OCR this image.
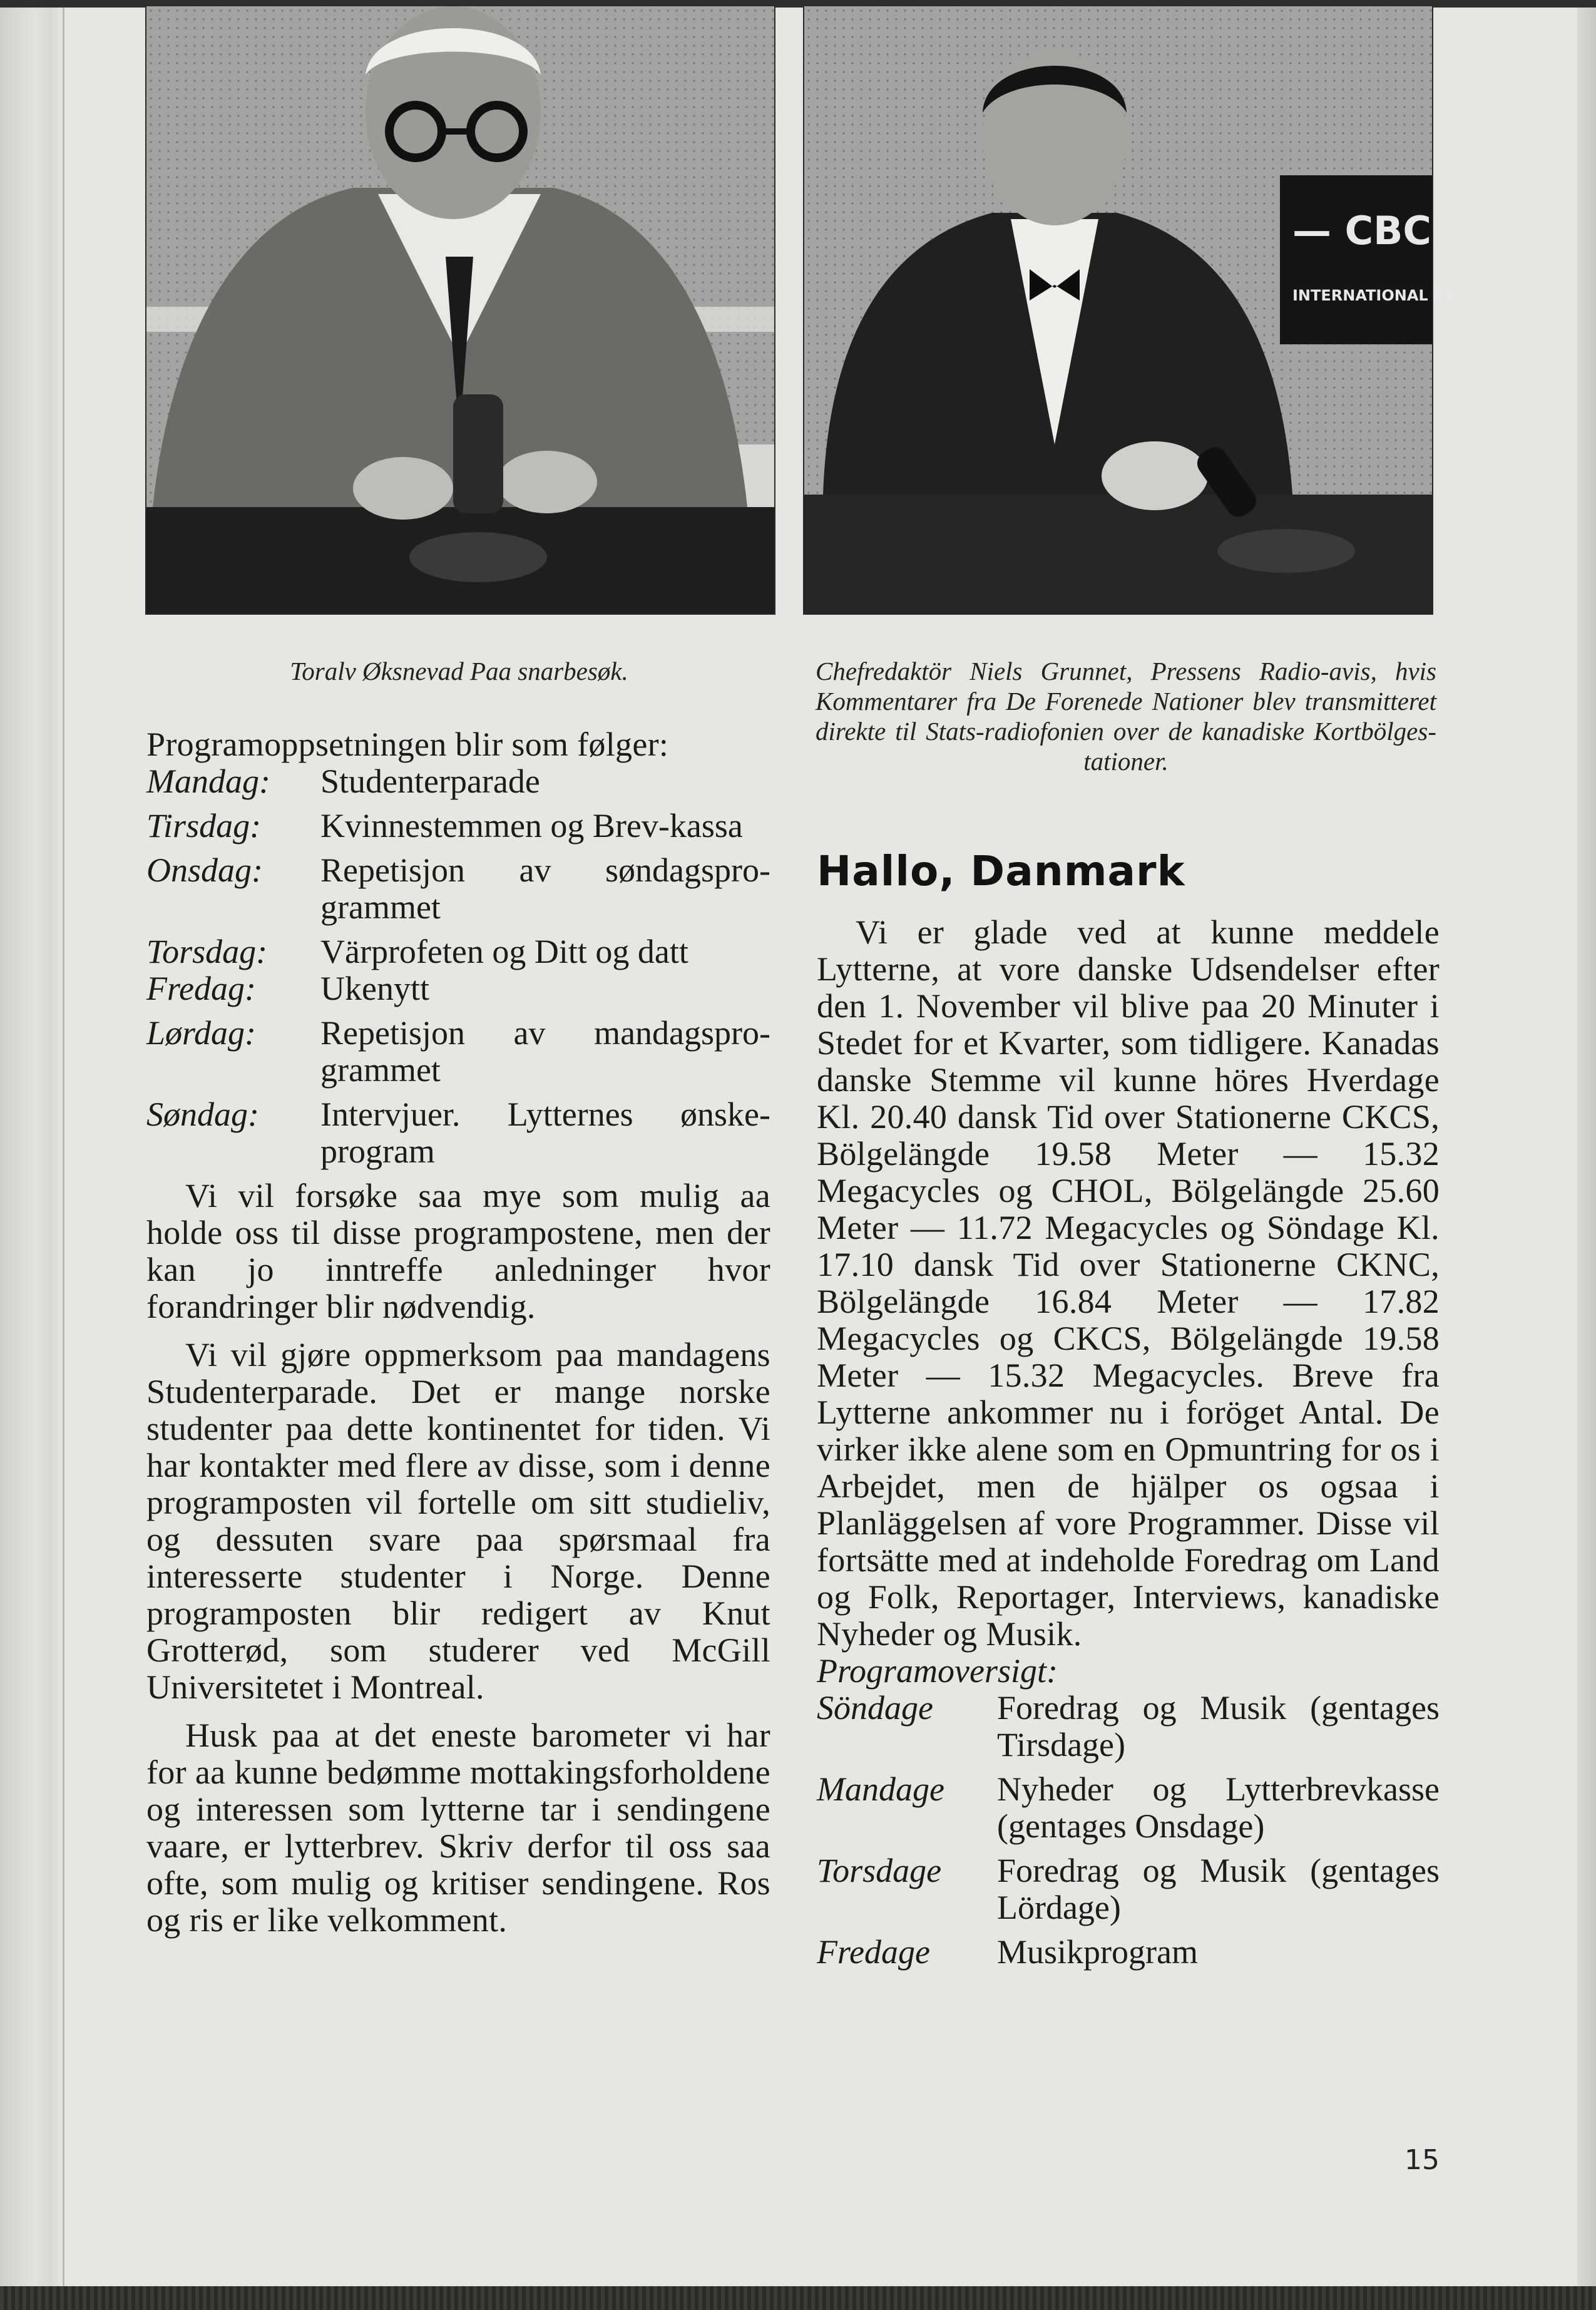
— CBC
INTERNATIONAL SE
Toralv Øksnevad Paa snarbesøk.	Chefredaktör Niels Grunnet, Pressens Radio-avis, hvis Kommentarer fra De Forenede Nationer blev transmitteret direkte til Stats-radiofonien over de kanadiske Kortbölges-tationer.

Programoppsetningen blir som følger:

Mandag:	Studenterparade
Tirsdag:	Kvinnestemmen og Brev-kassa
Onsdag:	Repetisjon av søndagspro-grammet
Torsdag:	Värprofeten og Ditt og datt
Fredag:	Ukenytt
Lørdag:	Repetisjon av mandagspro-grammet
Søndag:	Intervjuer. Lytternes ønske-program

Vi vil forsøke saa mye som mulig aa holde oss til disse programpostene, men der kan jo inntreffe anledninger hvor forandringer blir nødvendig.

Vi vil gjøre oppmerksom paa mandagens Studenterparade. Det er mange norske studenter paa dette kontinentet for tiden. Vi har kontakter med flere av disse, som i denne programposten vil fortelle om sitt studieliv, og dessuten svare paa spørsmaal fra interesserte studenter i Norge. Denne programposten blir redigert av Knut Grotterød, som studerer ved McGill Universitetet i Montreal.

Husk paa at det eneste barometer vi har for aa kunne bedømme mottakingsforholdene og interessen som lytterne tar i sendingene vaare, er lytterbrev. Skriv derfor til oss saa ofte, som mulig og kritiser sendingene. Ros og ris er like velkomment.

Hallo, Danmark

Vi er glade ved at kunne meddele Lytterne, at vore danske Udsendelser efter den 1. November vil blive paa 20 Minuter i Stedet for et Kvarter, som tidligere. Kanadas danske Stemme vil kunne höres Hverdage Kl. 20.40 dansk Tid over Stationerne CKCS, Bölgelängde 19.58 Meter — 15.32 Megacycles og CHOL, Bölgelängde 25.60 Meter — 11.72 Megacycles og Söndage Kl. 17.10 dansk Tid over Stationerne CKNC, Bölgelängde 16.84 Meter — 17.82 Megacycles og CKCS, Bölgelängde 19.58 Meter — 15.32 Megacycles. Breve fra Lytterne ankommer nu i foröget Antal. De virker ikke alene som en Opmuntring for os i Arbejdet, men de hjälper os ogsaa i Planläggelsen af vore Programmer. Disse vil fortsätte med at indeholde Foredrag om Land og Folk, Reportager, Interviews, kanadiske Nyheder og Musik.

Programoversigt:

Söndage	Foredrag og Musik (gentages Tirsdage)
Mandage	Nyheder og Lytterbrevkasse (gentages Onsdage)
Torsdage	Foredrag og Musik (gentages Lördage)
Fredage	Musikprogram
15
